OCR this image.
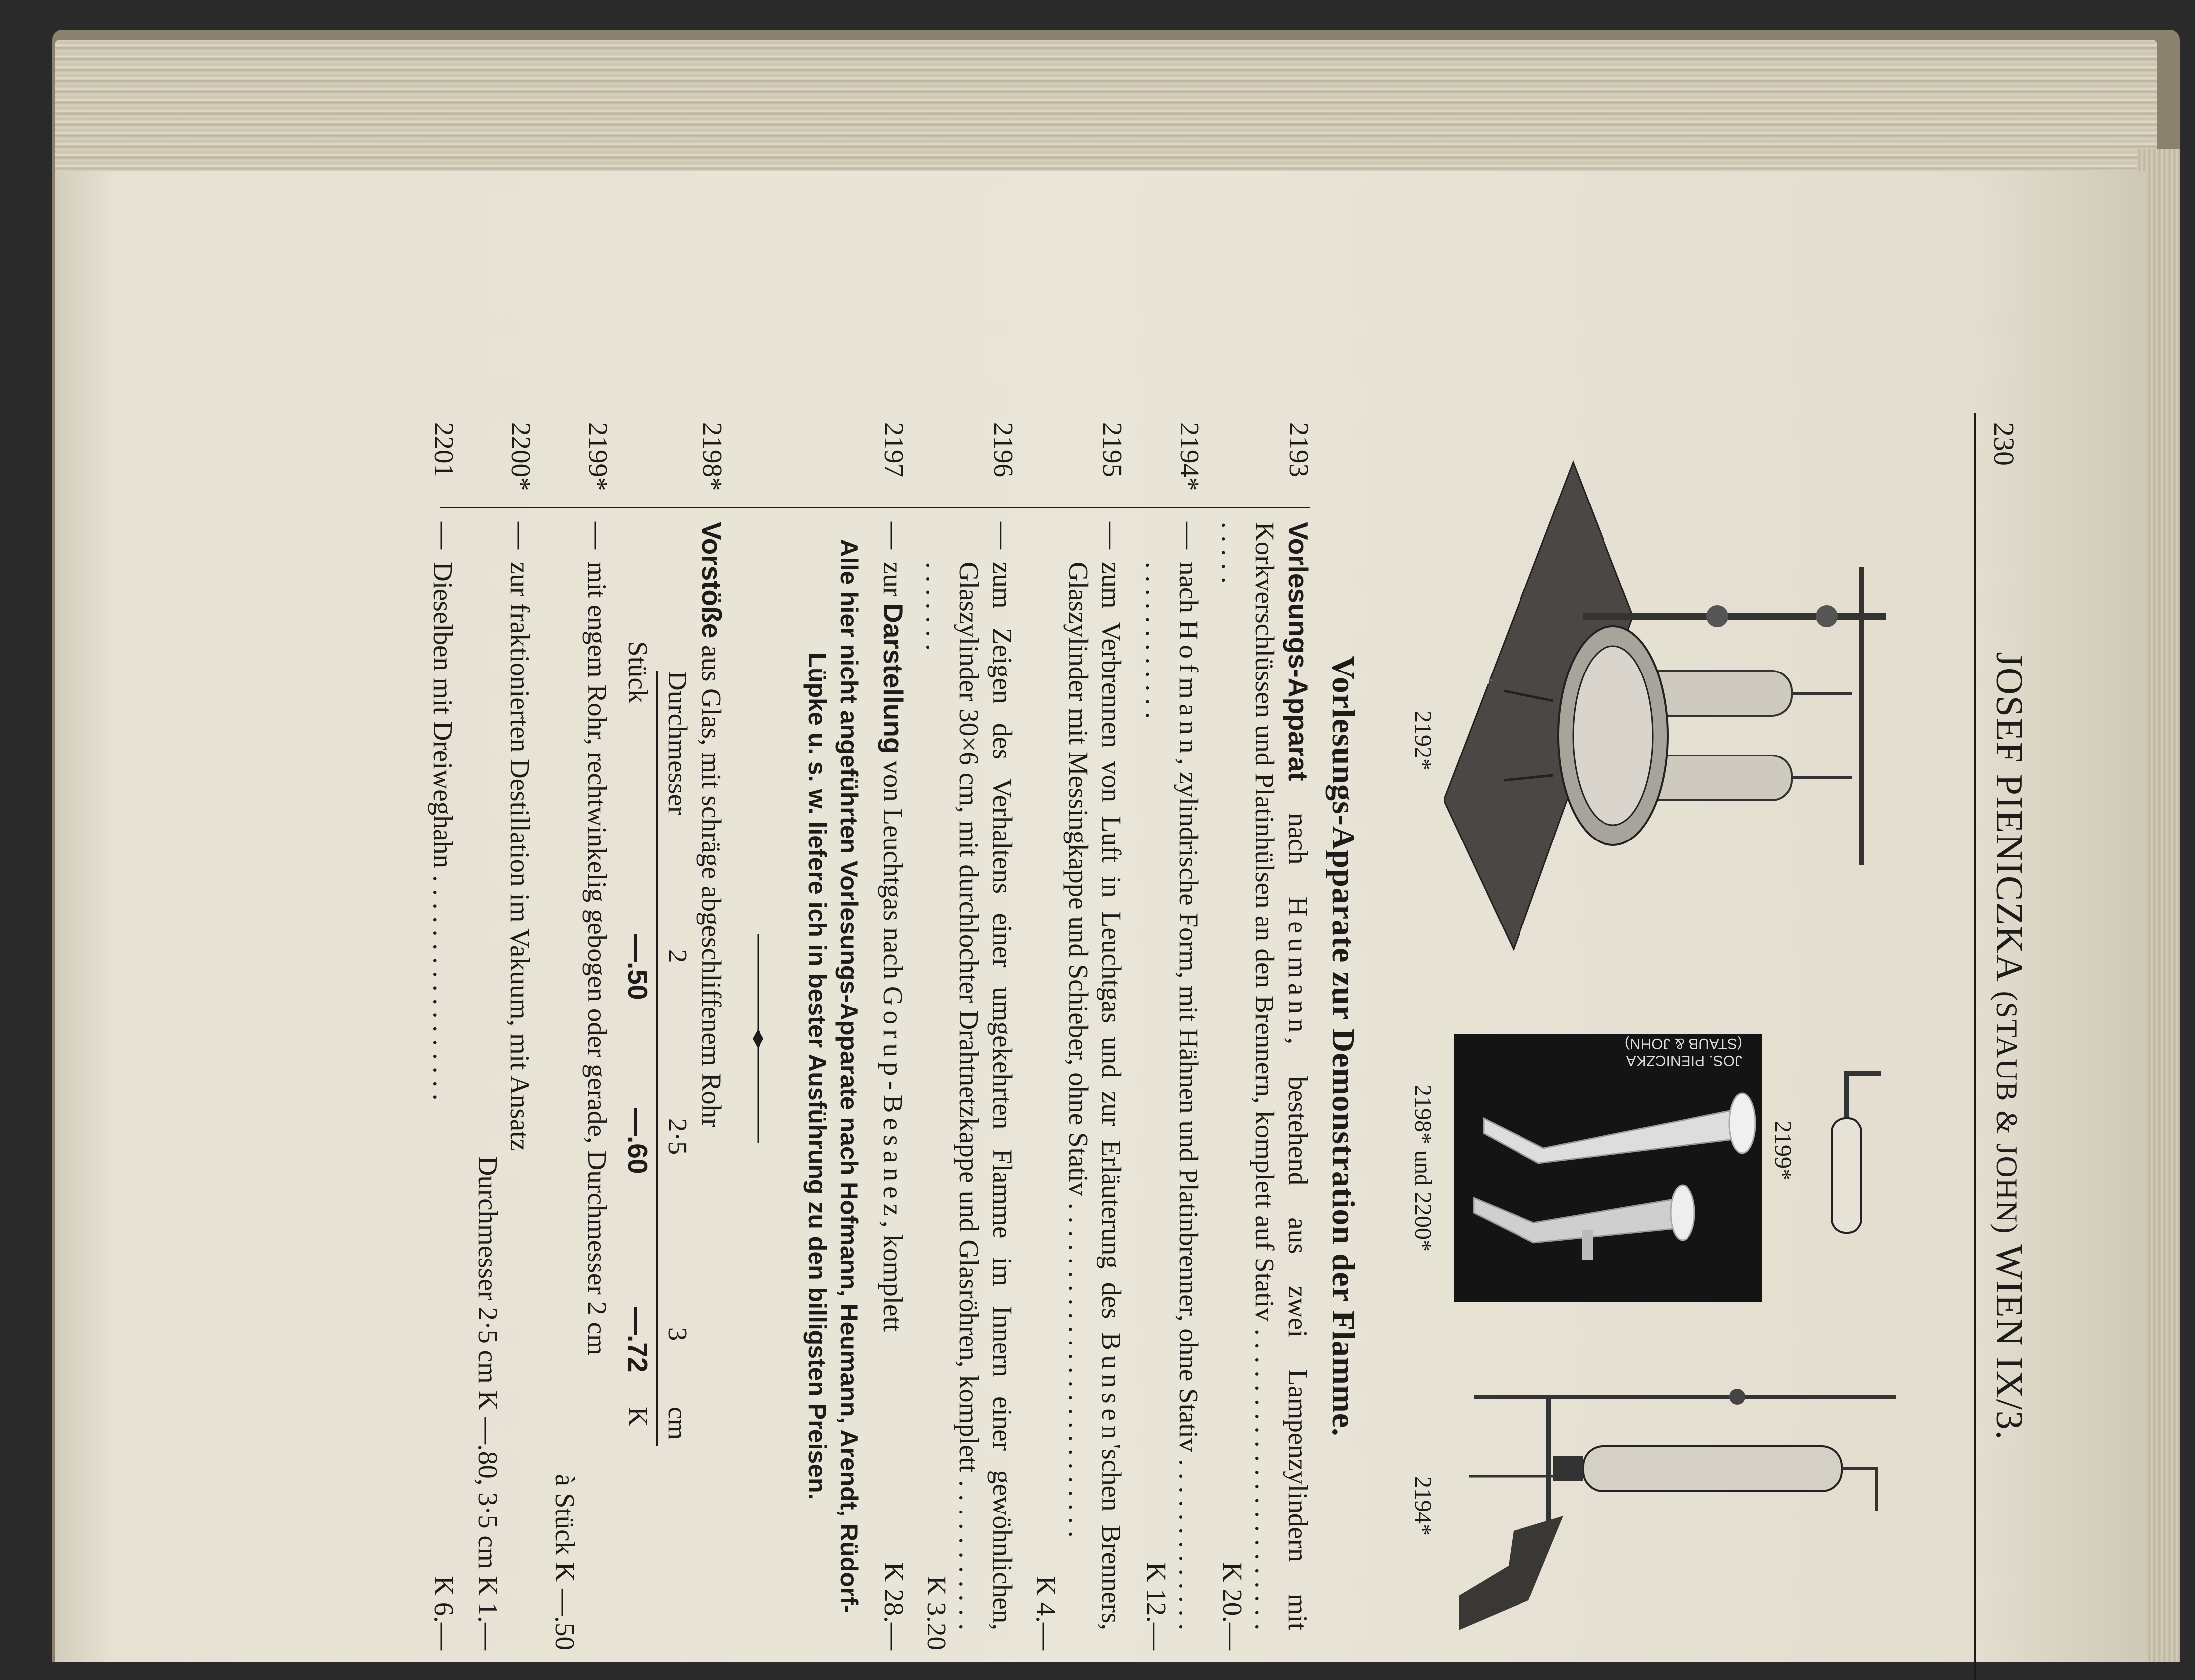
230
JOSEF PIENICZKA (STAUB & JOHN) WIEN IX/3.
+
2192*
2199*
JOS. PIENICZKA
(STAUB & JOHN)
2198* und 2200*
2194*
Vorlesungs-Apparate zur Demonstration der Flamme.
2193
Vorlesungs-Apparat nach Heumann, bestehend aus zwei Lampenzylindern mit Korkverschlüssen und Platinhülsen an den Brennern, komplett auf Stativ . . . . . . . . . . . . . . . . . . . . . . . . . . .
K 20.—
2194*
—
nach Hofmann, zylindrische Form, mit Hähnen und Platinbrenner, ohne Stativ . . . . . . . . . . . . . . . . . . . . . . . . .
K 12.—
2195
—
zum Verbrennen von Luft in Leuchtgas und zur Erläuterung des Bunsen'schen Brenners, Glaszylinder mit Messingkappe und Schieber, ohne Stativ . . . . . . . . . . . . . . . . . . . . . . . . .
K 4.—
2196
—
zum Zeigen des Verhaltens einer umgekehrten Flamme im Innern einer gewöhnlichen, Glaszylinder 30×6 cm, mit durchlochter Drahtnetzkappe und Glasröhren, komplett . . . . . . . . . . . . . . . . . .
K 3.20
2197
—
zur Darstellung von Leuchtgas nach Gorup-Besanez, komplett
K 28.—
Alle hier nicht angeführten Vorlesungs-Apparate nach Hofmann, Heumann, Arendt, Rüdorf-Lüpke u. s. w. liefere ich in bester Ausführung zu den billigsten Preisen.
2198*
Vorstöße aus Glas, mit schräge abgeschliffenem Rohr
Durchmesser
2
2·5
3
cm
Stück
—.50
—.60
—.72
K
2199*
—
mit engem Rohr, rechtwinkelig gebogen oder gerade, Durchmesser 2 cm
à Stück K —.50
2200*
—
zur fraktionierten Destillation im Vakuum, mit Ansatz
Durchmesser 2·5 cm K —.80, 3·5 cm K 1.—
2201
—
Dieselben mit Dreiweghahn . . . . . . . . . . . . . . . . .
K 6.—
